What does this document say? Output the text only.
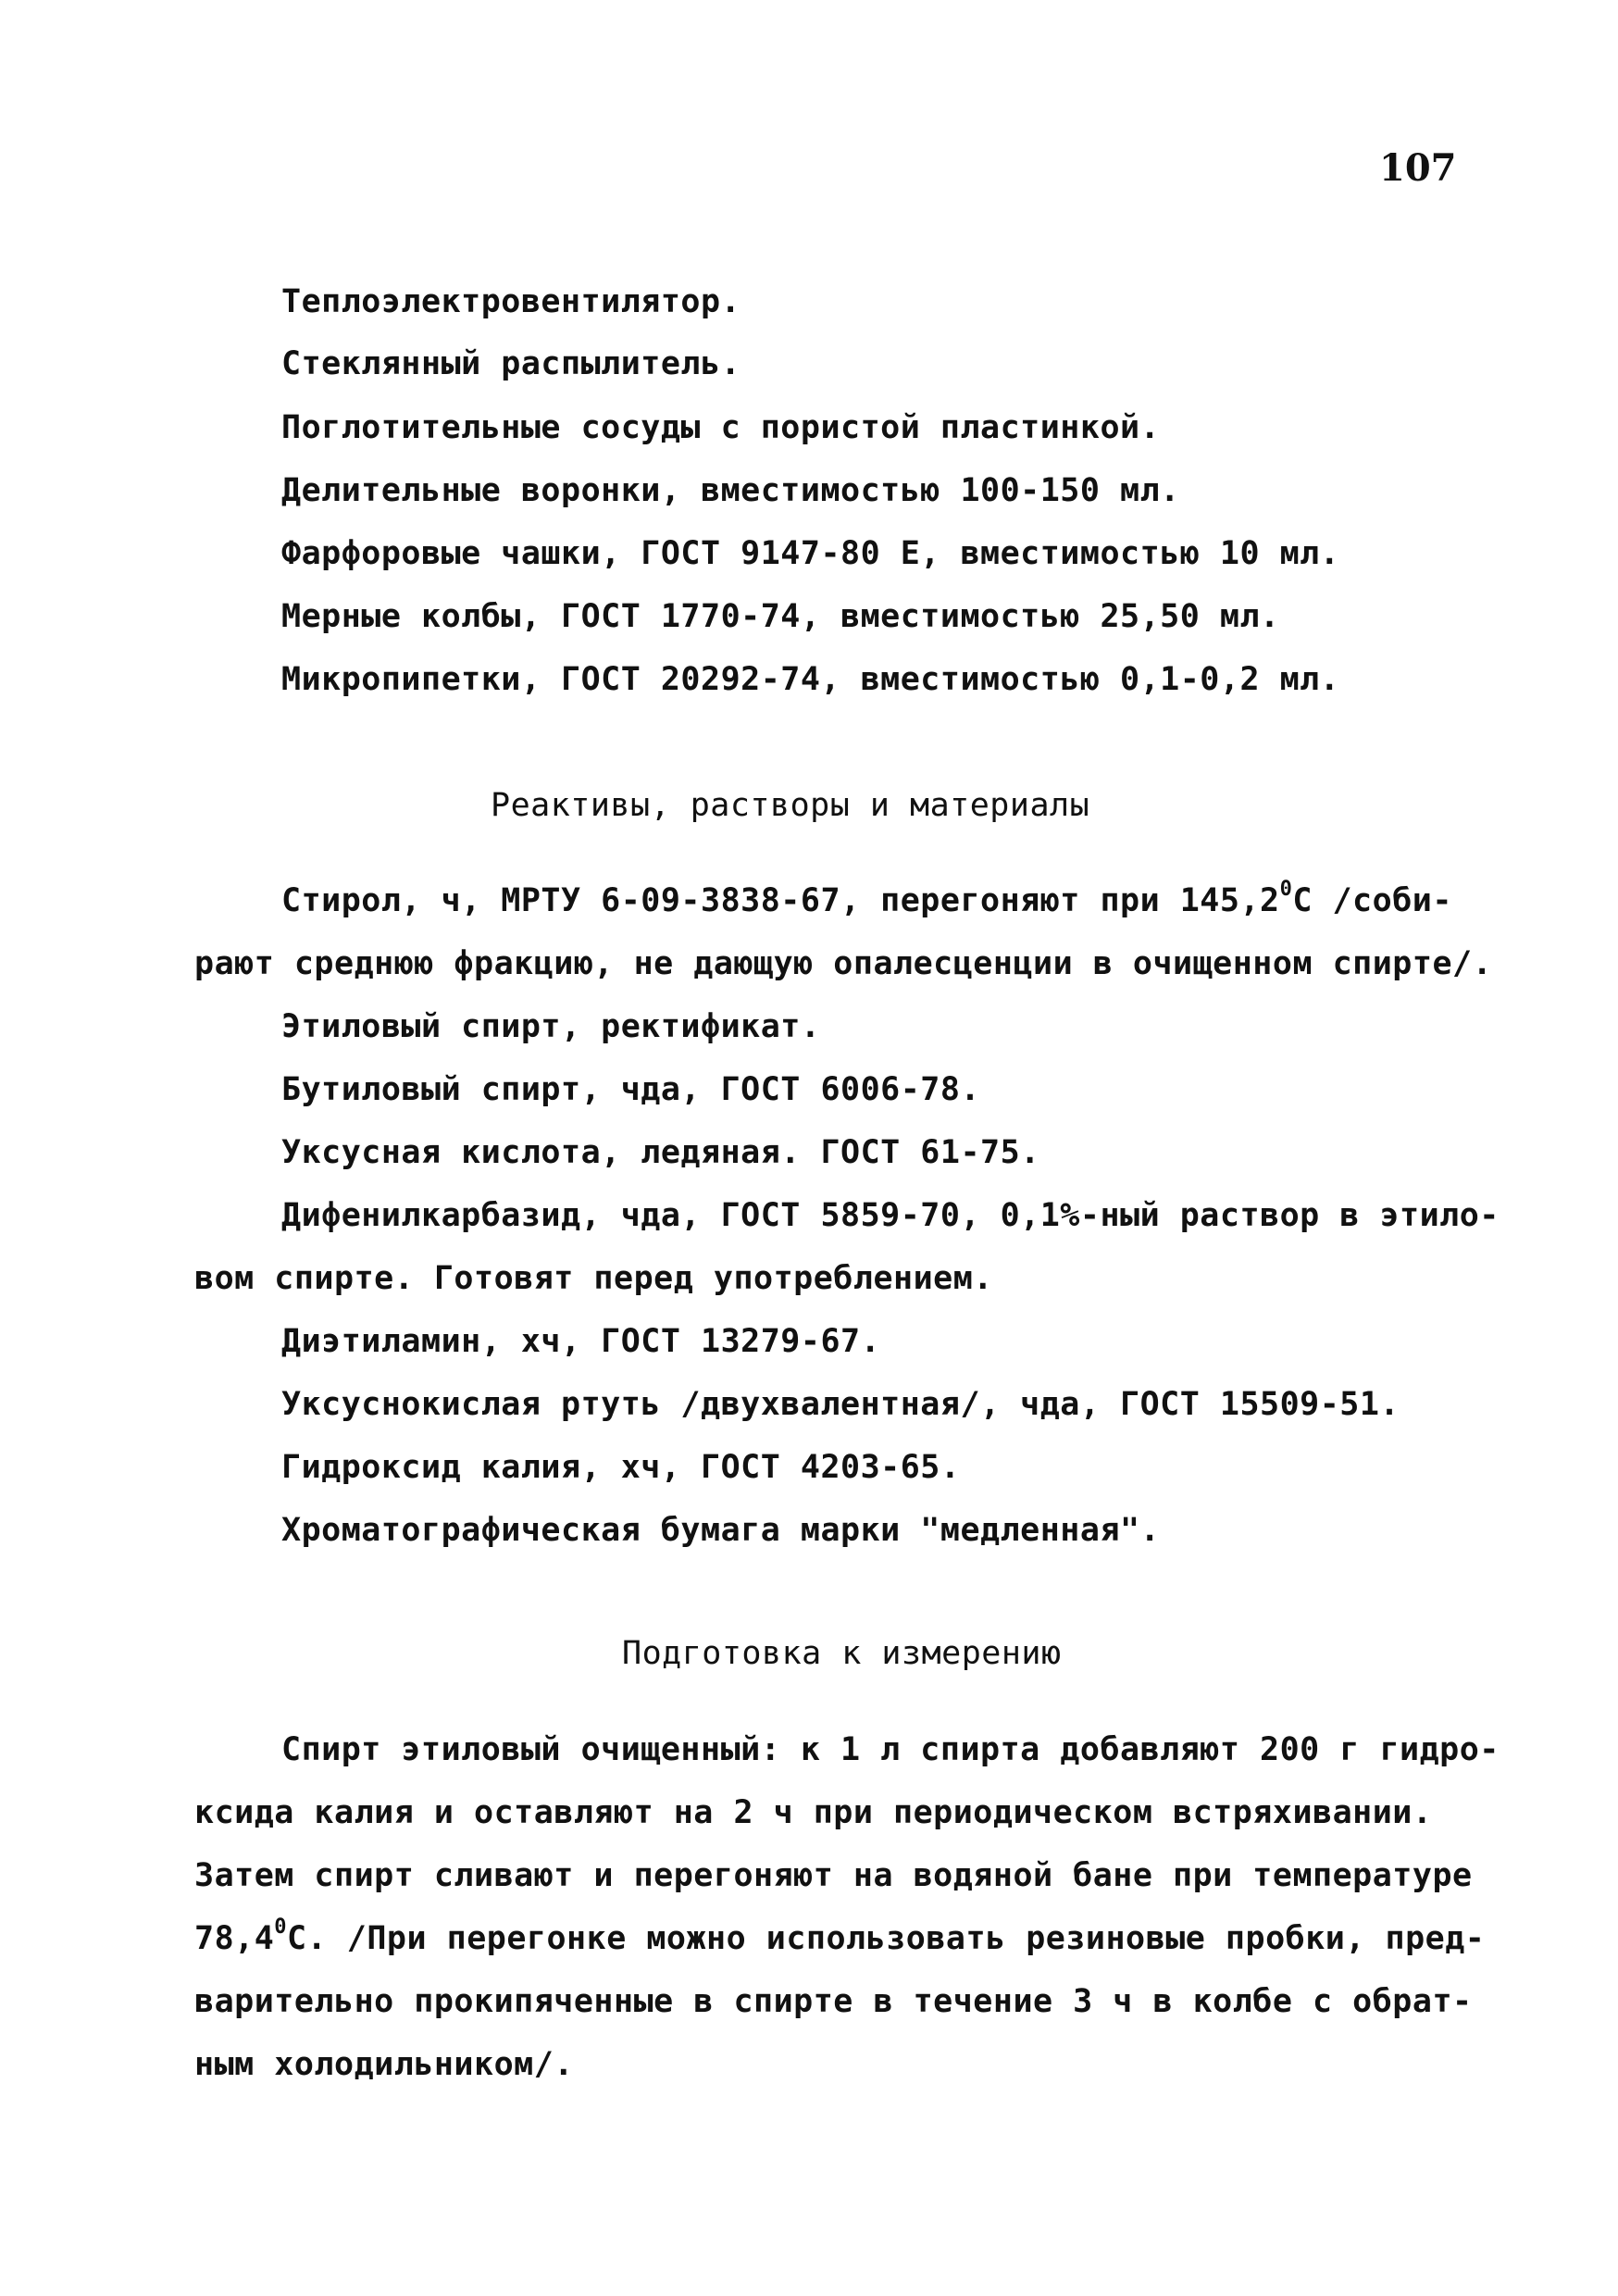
107
Теплоэлектровентилятор.
Стеклянный распылитель.
Поглотительные сосуды с пористой пластинкой.
Делительные воронки, вместимостью 100-150 мл.
Фарфоровые чашки, ГОСТ 9147-80 Е, вместимостью 10 мл.
Мерные колбы, ГОСТ 1770-74, вместимостью 25,50 мл.
Микропипетки, ГОСТ 20292-74, вместимостью 0,1-0,2 мл.
Реактивы, растворы и материалы
Стирол, ч, МРТУ 6-09-3838-67, перегоняют при 145,2$^0$С /соби-
рают среднюю фракцию, не дающую опалесценции в очищенном спирте/.
Этиловый спирт, ректификат.
Бутиловый спирт, чда, ГОСТ 6006-78.
Уксусная кислота, ледяная. ГОСТ 61-75.
Дифенилкарбазид, чда, ГОСТ 5859-70, 0,1%-ный раствор в этило-
вом спирте. Готовят перед употреблением.
Диэтиламин, хч, ГОСТ 13279-67.
Уксуснокислая ртуть /двухвалентная/, чда, ГОСТ 15509-51.
Гидроксид калия, хч, ГОСТ 4203-65.
Хроматографическая бумага марки "медленная".
Подготовка к измерению
Спирт этиловый очищенный: к 1 л спирта добавляют 200 г гидро-
ксида калия и оставляют на 2 ч при периодическом встряхивании.
Затем спирт сливают и перегоняют на водяной бане при температуре
78,4$^0$С. /При перегонке можно использовать резиновые пробки, пред-
варительно прокипяченные в спирте в течение 3 ч в колбе с обрат-
ным холодильником/.
